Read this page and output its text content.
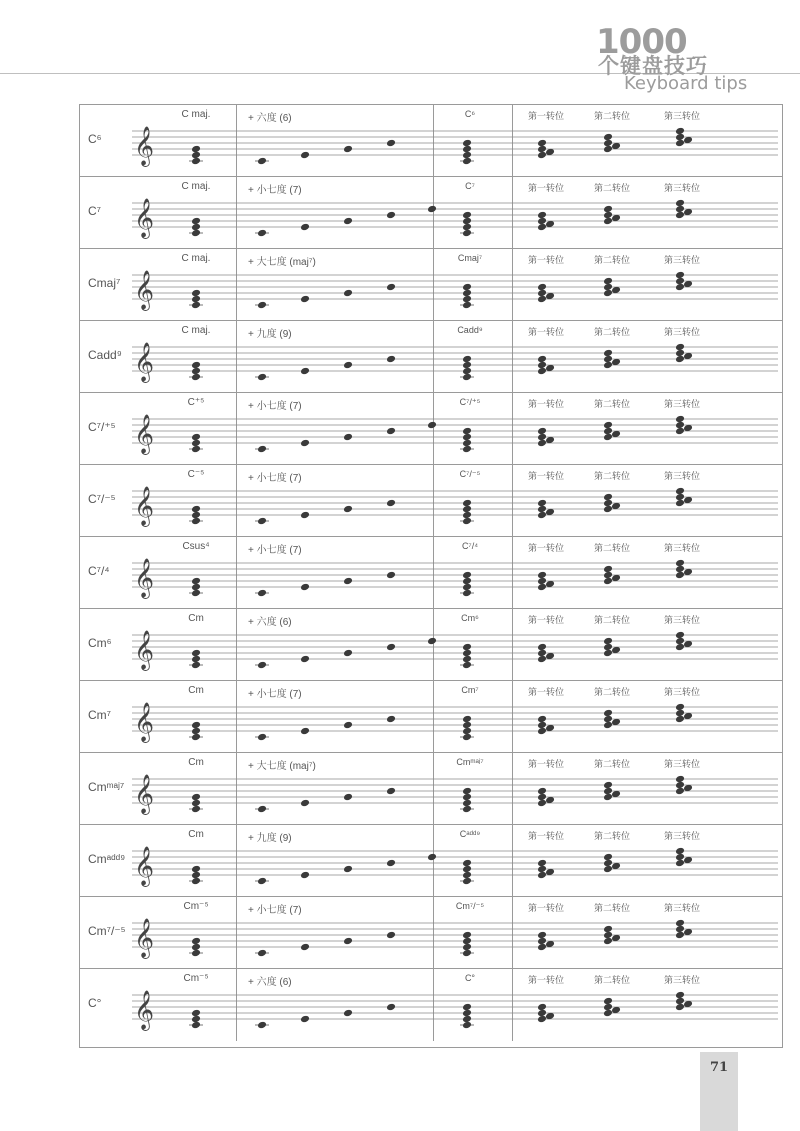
1000
个键盘技巧
Keyboard tips
C⁶
C maj.	+ 六度 (6)	C⁶	第一转位	第二转位	第三转位
𝄞
C⁷
C maj.	+ 小七度 (7)	C⁷	第一转位	第二转位	第三转位
𝄞
Cmaj⁷
C maj.	+ 大七度 (maj⁷)	Cmaj⁷	第一转位	第二转位	第三转位
𝄞
Cadd⁹
C maj.	+ 九度 (9)	Cadd⁹	第一转位	第二转位	第三转位
𝄞
C⁷/⁺⁵
C⁺⁵	+ 小七度 (7)	C⁷/⁺⁵	第一转位	第二转位	第三转位
𝄞
C⁷/⁻⁵
C⁻⁵	+ 小七度 (7)	C⁷/⁻⁵	第一转位	第二转位	第三转位
𝄞
C⁷/⁴
Csus⁴	+ 小七度 (7)	C⁷/⁴	第一转位	第二转位	第三转位
𝄞
Cm⁶
Cm	+ 六度 (6)	Cm⁶	第一转位	第二转位	第三转位
𝄞
Cm⁷
Cm	+ 小七度 (7)	Cm⁷	第一转位	第二转位	第三转位
𝄞
Cmᵐᵃʲ⁷
Cm	+ 大七度 (maj⁷)	Cmᵐᵃʲ⁷	第一转位	第二转位	第三转位
𝄞
Cmᵃᵈᵈ⁹
Cm	+ 九度 (9)	Cᵃᵈᵈ⁹	第一转位	第二转位	第三转位
𝄞
Cm⁷/⁻⁵
Cm⁻⁵	+ 小七度 (7)	Cm⁷/⁻⁵	第一转位	第二转位	第三转位
𝄞
C°
Cm⁻⁵	+ 六度 (6)	C°	第一转位	第二转位	第三转位
𝄞
71
